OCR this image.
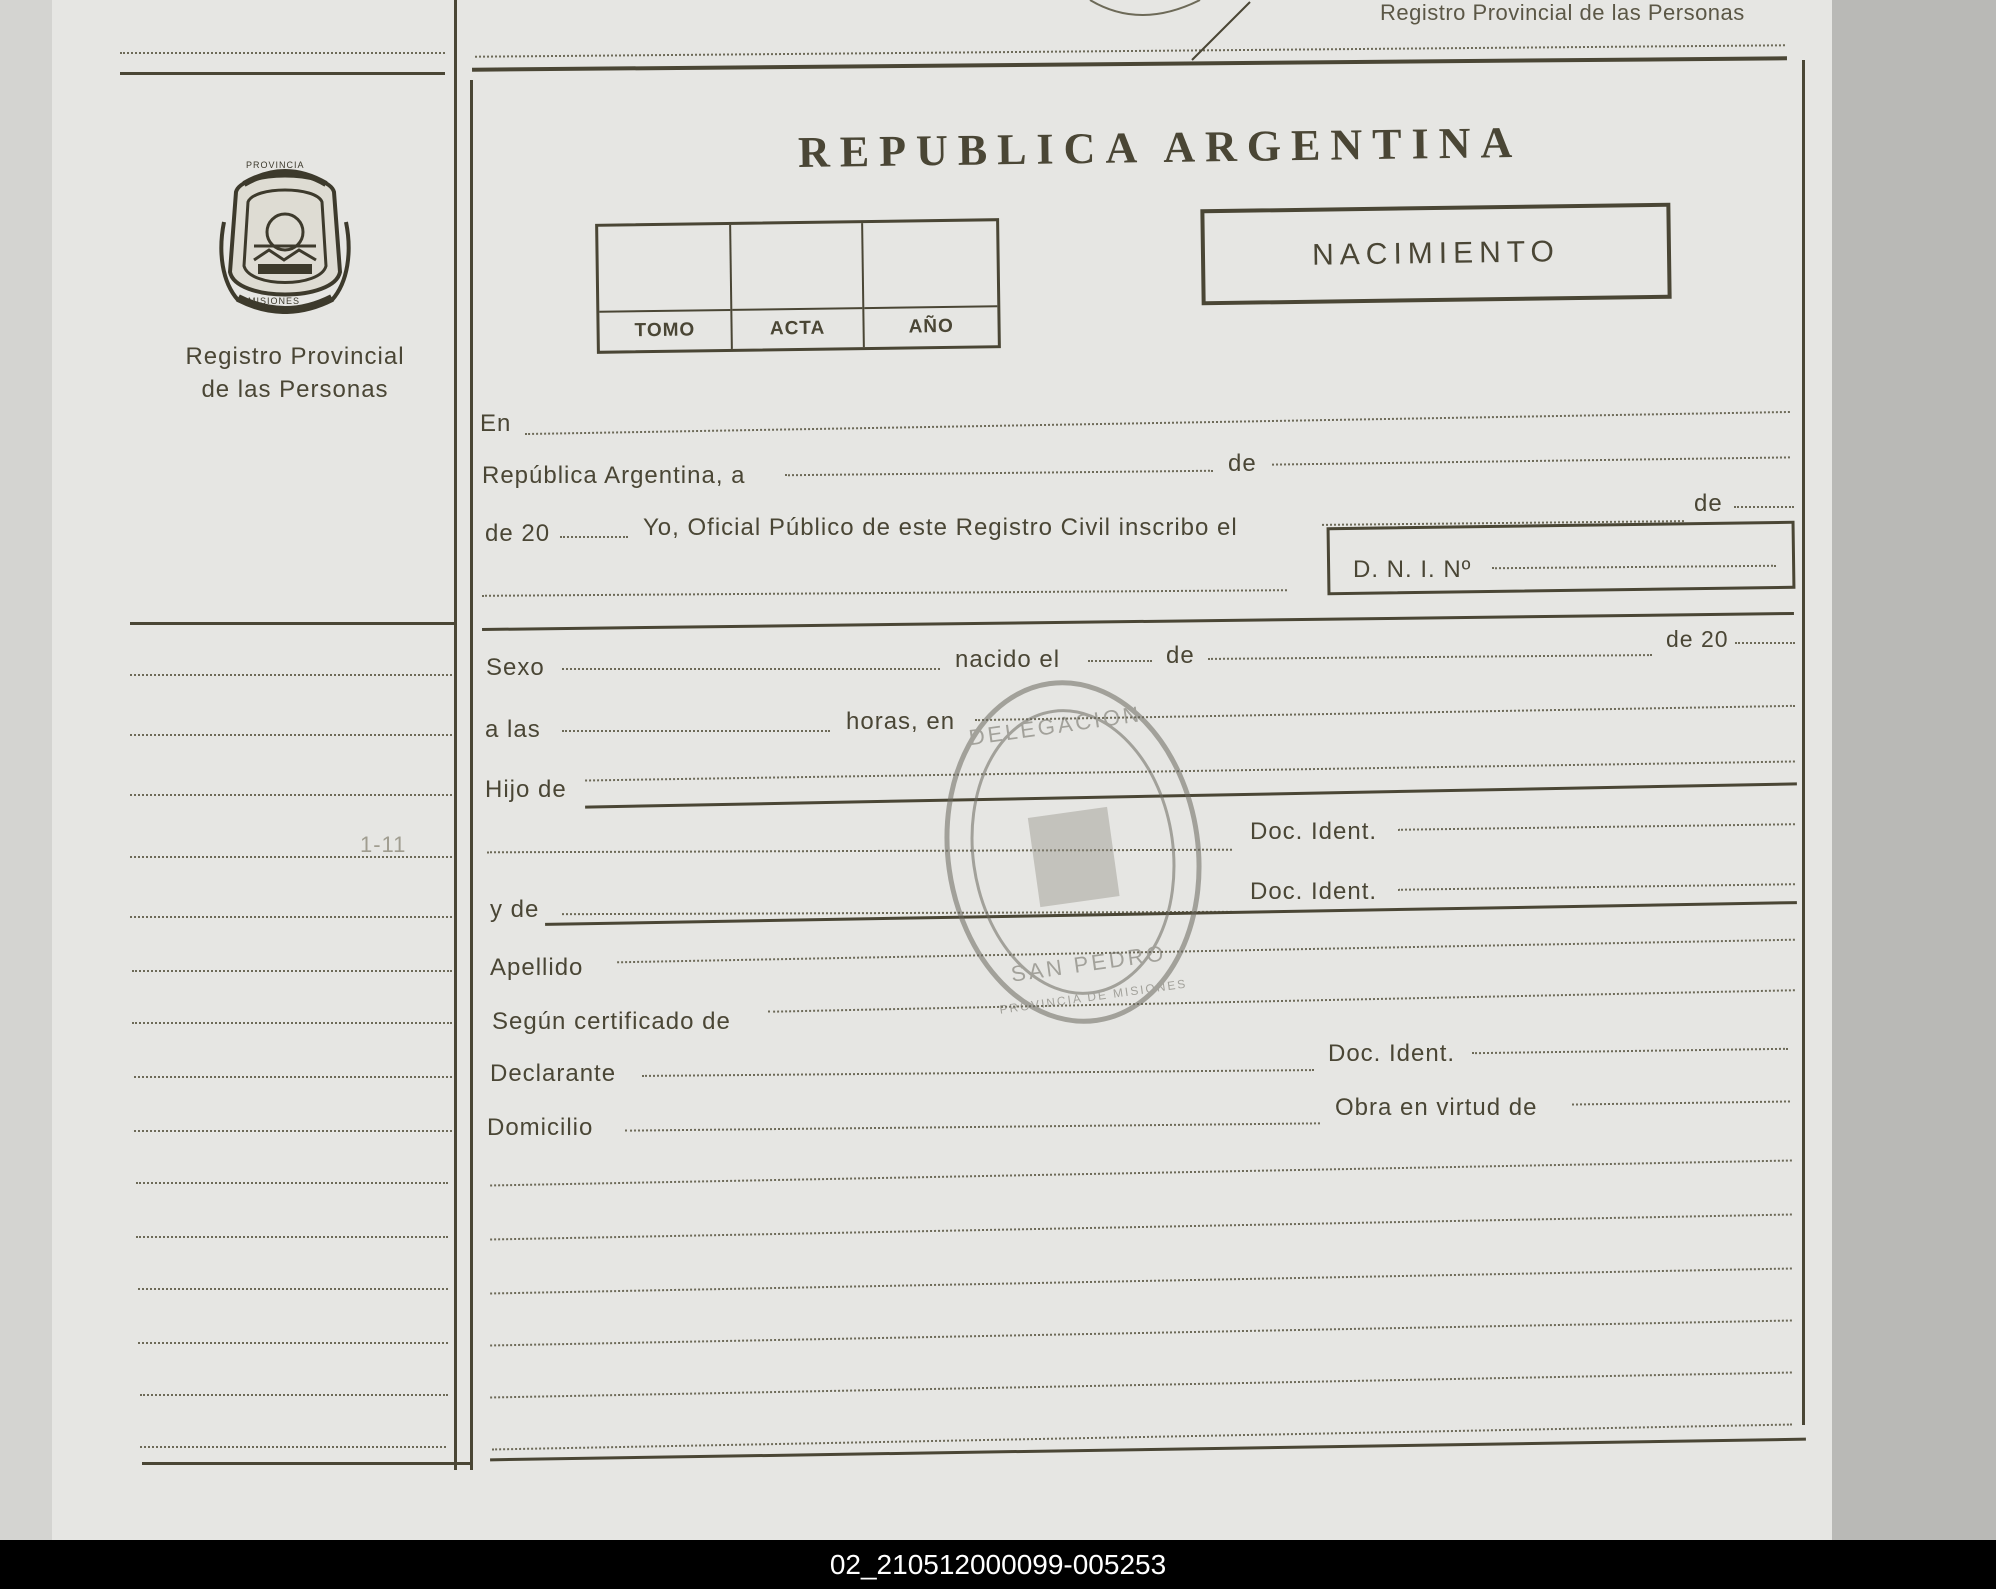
Registro Provincial de las Personas
Registro Provincial
de las Personas
PROVINCIA
MISIONES
1-11
REPUBLICA ARGENTINA
TOMO	ACTA	AÑO
NACIMIENTO
En
República Argentina, a	de
de 20	Yo, Oficial Público de este Registro Civil inscribo el
de
D. N. I. Nº
Sexo	nacido el	de
de 20
a las	horas, en
Hijo de
Doc. Ident.
y de
Doc. Ident.
Apellido
Según certificado de
Declarante
Doc. Ident.
Domicilio
Obra en virtud de
DELEGACION
SAN PEDRO
PROVINCIA DE MISIONES
02_210512000099-005253
